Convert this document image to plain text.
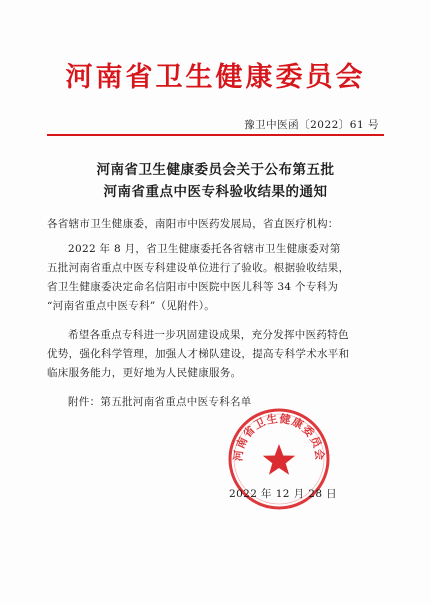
河南省卫生健康委员会
豫卫中医函〔2022〕61 号
河南省卫生健康委员会关于公布第五批
河南省重点中医专科验收结果的通知
各省辖市卫生健康委，南阳市中医药发展局，省直医疗机构：
2022 年 8 月，省卫生健康委托各省辖市卫生健康委对第
五批河南省重点中医专科建设单位进行了验收。根据验收结果，
省卫生健康委决定命名信阳市中医院中医儿科等 34 个专科为
“河南省重点中医专科”（见附件）。
希望各重点专科进一步巩固建设成果，充分发挥中医药特色
优势，强化科学管理，加强人才梯队建设，提高专科学术水平和
临床服务能力，更好地为人民健康服务。
附件：第五批河南省重点中医专科名单
河南省卫生健康委员会
2022 年 12 月 28 日
